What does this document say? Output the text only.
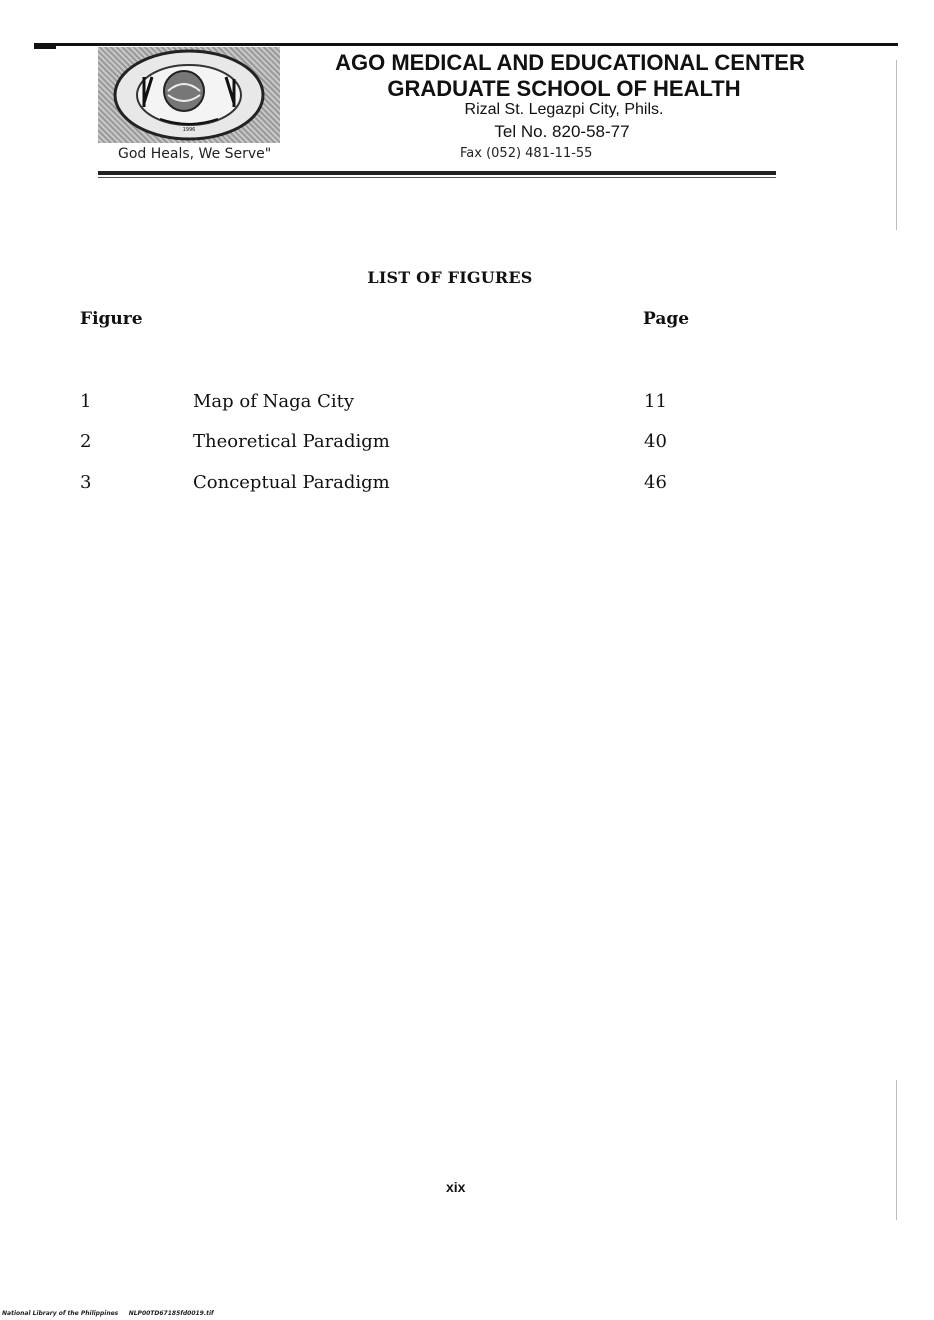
1996
God Heals, We Serve"
AGO MEDICAL AND EDUCATIONAL CENTER
GRADUATE SCHOOL OF HEALTH
Rizal St. Legazpi City, Phils.
Tel No. 820-58-77
Fax (052) 481-11-55
LIST OF FIGURES
Figure	Page
1	Map of Naga City	11
2	Theoretical Paradigm	40
3	Conceptual Paradigm	46
xix
National Library of the Philippines NLP00TD67185fd0019.tif
